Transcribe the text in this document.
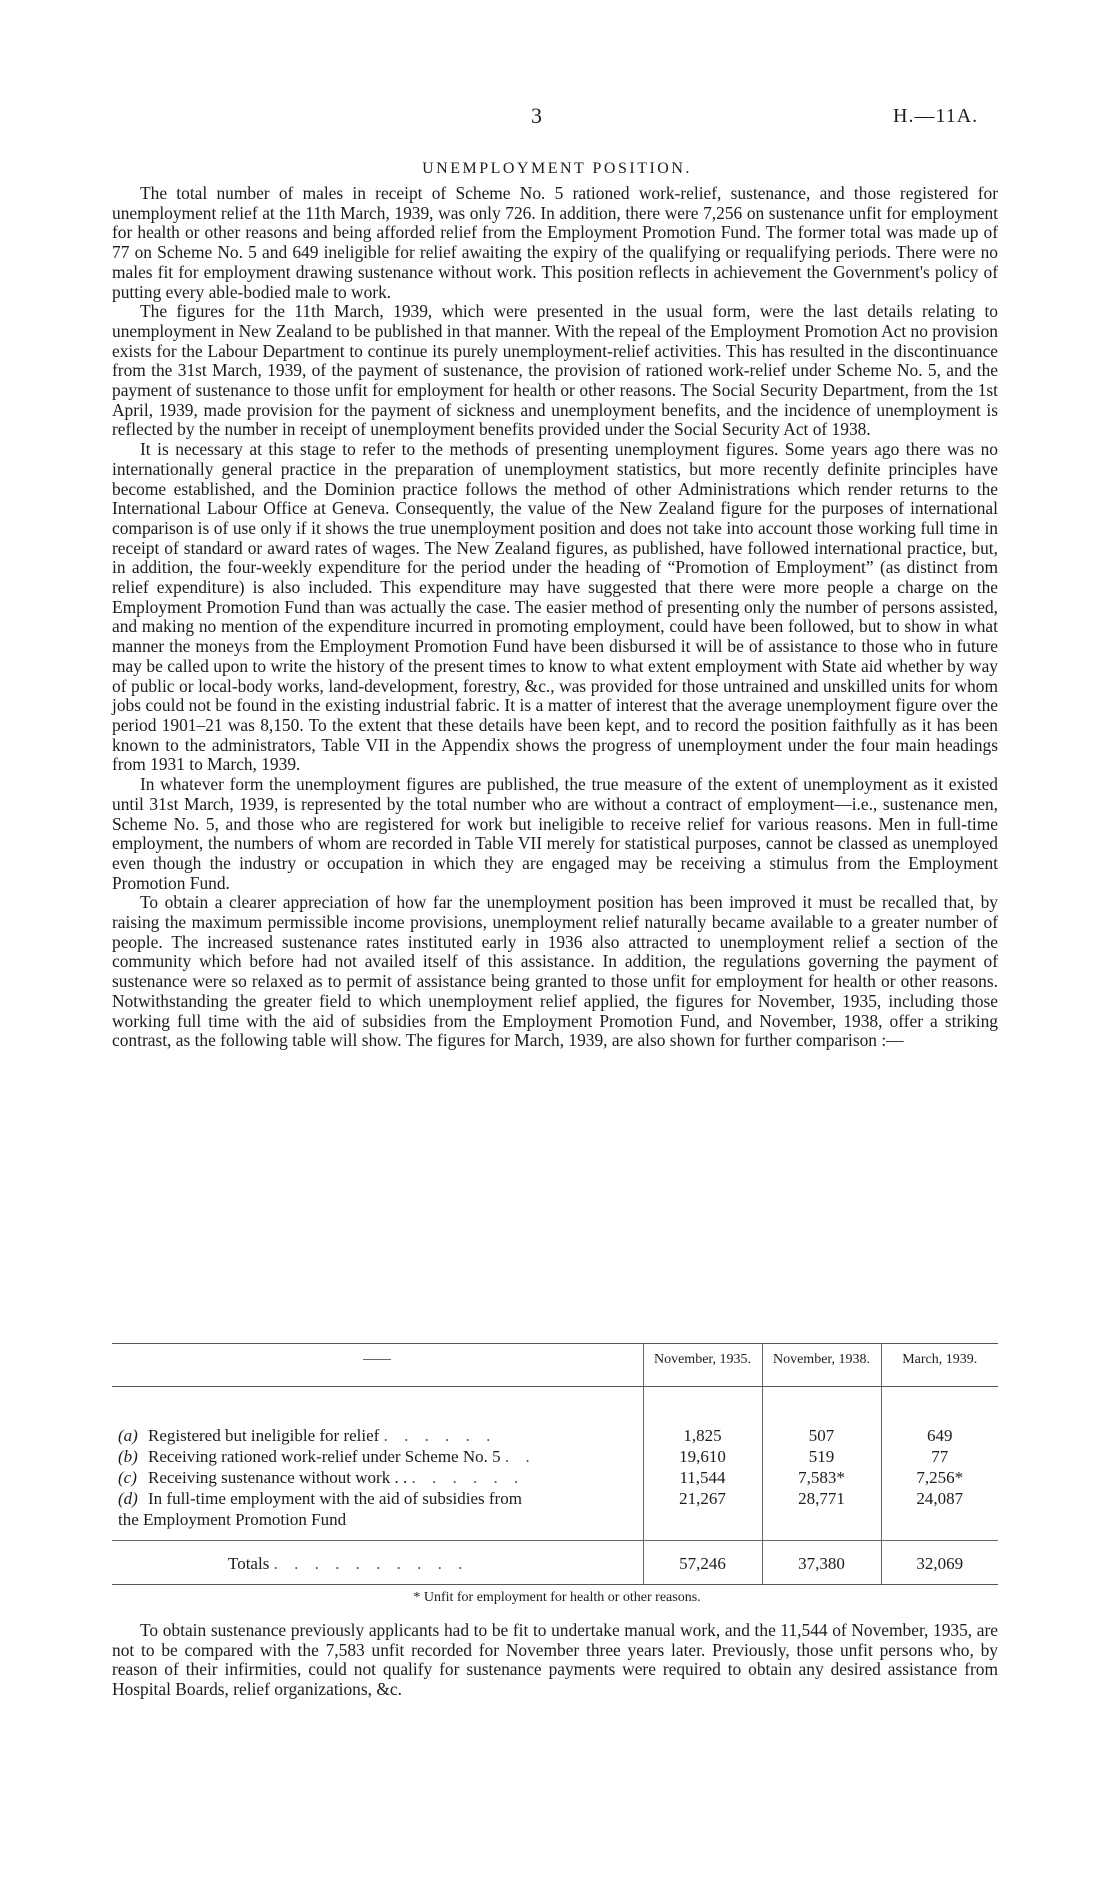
3	H.—11A.
UNEMPLOYMENT POSITION.

The total number of males in receipt of Scheme No. 5 rationed work-relief, sustenance, and those registered for unemployment relief at the 11th March, 1939, was only 726. In addition, there were 7,256 on sustenance unfit for employment for health or other reasons and being afforded relief from the Employment Promotion Fund. The former total was made up of 77 on Scheme No. 5 and 649 ineligible for relief awaiting the expiry of the qualifying or requalifying periods. There were no males fit for employment drawing sustenance without work. This position reflects in achievement the Government's policy of putting every able-bodied male to work.

The figures for the 11th March, 1939, which were presented in the usual form, were the last details relating to unemployment in New Zealand to be published in that manner. With the repeal of the Employment Promotion Act no provision exists for the Labour Department to continue its purely unemployment-relief activities. This has resulted in the discontinuance from the 31st March, 1939, of the payment of sustenance, the provision of rationed work-relief under Scheme No. 5, and the payment of sustenance to those unfit for employment for health or other reasons. The Social Security Department, from the 1st April, 1939, made provision for the payment of sickness and unemployment benefits, and the incidence of unemployment is reflected by the number in receipt of unemployment benefits provided under the Social Security Act of 1938.

It is necessary at this stage to refer to the methods of presenting unemployment figures. Some years ago there was no internationally general practice in the preparation of unemployment statistics, but more recently definite principles have become established, and the Dominion practice follows the method of other Administrations which render returns to the International Labour Office at Geneva. Consequently, the value of the New Zealand figure for the purposes of international comparison is of use only if it shows the true unemployment position and does not take into account those working full time in receipt of standard or award rates of wages. The New Zealand figures, as published, have followed international practice, but, in addition, the four-weekly expenditure for the period under the heading of “Promotion of Employment” (as distinct from relief expenditure) is also included. This expenditure may have suggested that there were more people a charge on the Employment Promotion Fund than was actually the case. The easier method of presenting only the number of persons assisted, and making no mention of the expenditure incurred in promoting employment, could have been followed, but to show in what manner the moneys from the Employment Promotion Fund have been disbursed it will be of assistance to those who in future may be called upon to write the history of the present times to know to what extent employment with State aid whether by way of public or local-body works, land-development, forestry, &c., was provided for those untrained and unskilled units for whom jobs could not be found in the existing industrial fabric. It is a matter of interest that the average unemployment figure over the period 1901–21 was 8,150. To the extent that these details have been kept, and to record the position faithfully as it has been known to the administrators, Table VII in the Appendix shows the progress of unemployment under the four main headings from 1931 to March, 1939.

In whatever form the unemployment figures are published, the true measure of the extent of unemployment as it existed until 31st March, 1939, is represented by the total number who are without a contract of employment—i.e., sustenance men, Scheme No. 5, and those who are registered for work but ineligible to receive relief for various reasons. Men in full-time employment, the numbers of whom are recorded in Table VII merely for statistical purposes, cannot be classed as unemployed even though the industry or occupation in which they are engaged may be receiving a stimulus from the Employment Promotion Fund.

To obtain a clearer appreciation of how far the unemployment position has been improved it must be recalled that, by raising the maximum permissible income provisions, unemployment relief naturally became available to a greater number of people. The increased sustenance rates instituted early in 1936 also attracted to unemployment relief a section of the community which before had not availed itself of this assistance. In addition, the regulations governing the payment of sustenance were so relaxed as to permit of assistance being granted to those unfit for employment for health or other reasons. Notwithstanding the greater field to which unemployment relief applied, the figures for November, 1935, including those working full time with the aid of subsidies from the Employment Promotion Fund, and November, 1938, offer a striking contrast, as the following table will show. The figures for March, 1939, are also shown for further comparison :—

	November, 1935.	November, 1938.	March, 1939.

(a) Registered but ineligible for relief . . . . . .	1,825	507	649
(b) Receiving rationed work-relief under Scheme No. 5 . .	19,610	519	77
(c) Receiving sustenance without work . . . . . . . .	11,544	7,583*	7,256*
(d) In full-time employment with the aid of subsidies from	21,267	28,771	24,087
the Employment Promotion Fund			

Totals . . . . . . . . . .	57,246	37,380	32,069
* Unfit for employment for health or other reasons.

To obtain sustenance previously applicants had to be fit to undertake manual work, and the 11,544 of November, 1935, are not to be compared with the 7,583 unfit recorded for November three years later. Previously, those unfit persons who, by reason of their infirmities, could not qualify for sustenance payments were required to obtain any desired assistance from Hospital Boards, relief organizations, &c.
